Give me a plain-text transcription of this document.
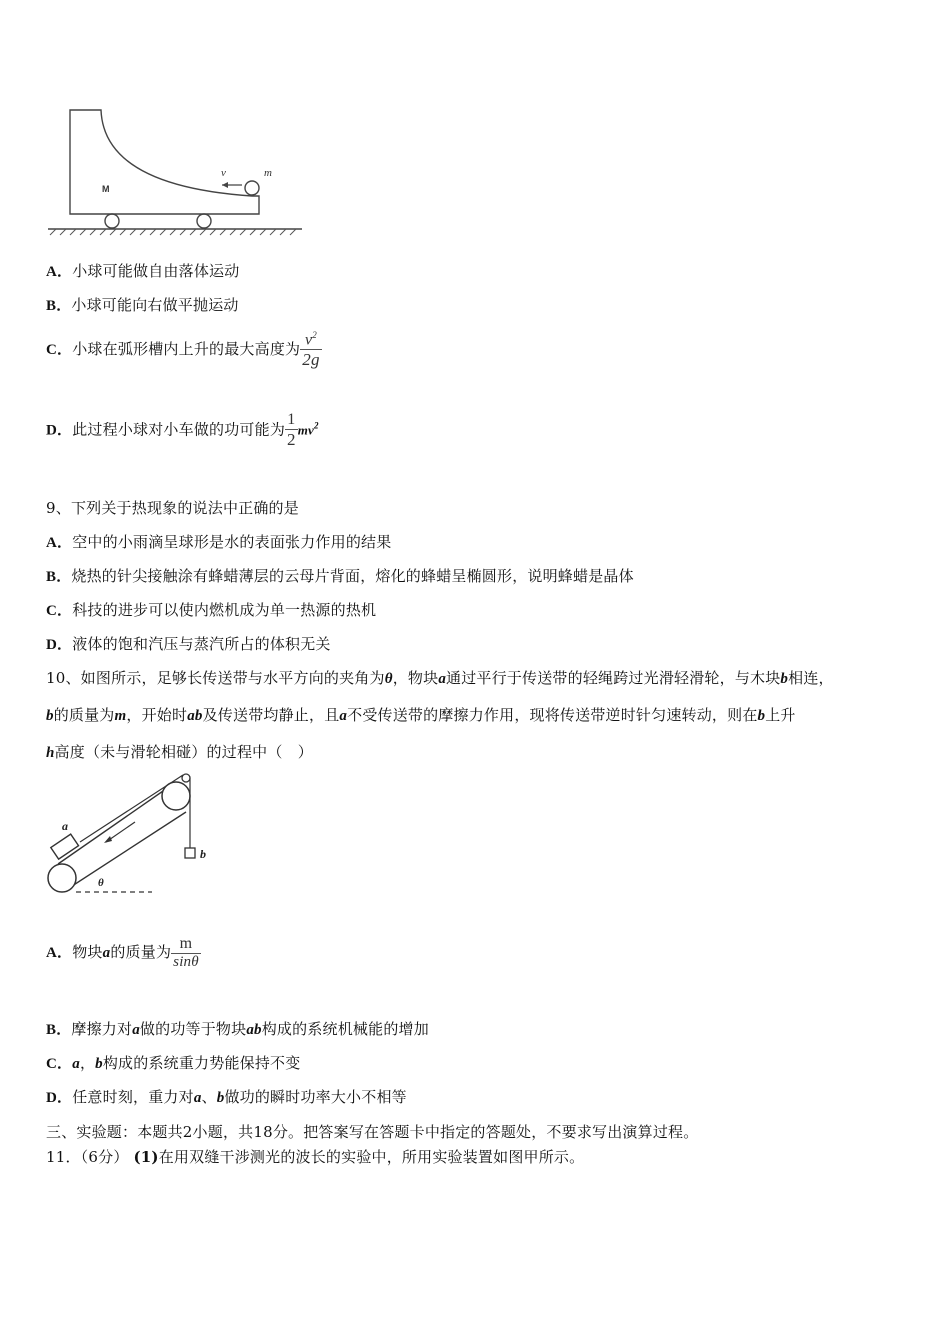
M
v	m
A．小球可能做自由落体运动
B．小球可能向右做平抛运动
C．小球在弧形槽内上升的最大高度为 $\frac{v^2}{2g}$
D．此过程小球对小车做的功可能为 $\frac{1}{2} mv^2$
9、下列关于热现象的说法中正确的是
A．空中的小雨滴呈球形是水的表面张力作用的结果
B．烧热的针尖接触涂有蜂蜡薄层的云母片背面，熔化的蜂蜡呈椭圆形，说明蜂蜡是晶体
C．科技的进步可以使内燃机成为单一热源的热机
D．液体的饱和汽压与蒸汽所占的体积无关
10、如图所示，足够长传送带与水平方向的夹角为θ，物块a通过平行于传送带的轻绳跨过光滑轻滑轮，与木块b相连，
b的质量为m，开始时ab及传送带均静止，且a不受传送带的摩擦力作用，现将传送带逆时针匀速转动，则在b上升
h高度（未与滑轮相碰）的过程中（　）
a
b
θ
A．物块a的质量为 $\frac{m}{\sin\theta}$
B．摩擦力对a做的功等于物块ab构成的系统机械能的增加
C．a，b构成的系统重力势能保持不变
D．任意时刻，重力对a、b做功的瞬时功率大小不相等
三、实验题：本题共2小题，共18分。把答案写在答题卡中指定的答题处，不要求写出演算过程。
11．（6分） (1)在用双缝干涉测光的波长的实验中，所用实验装置如图甲所示。
